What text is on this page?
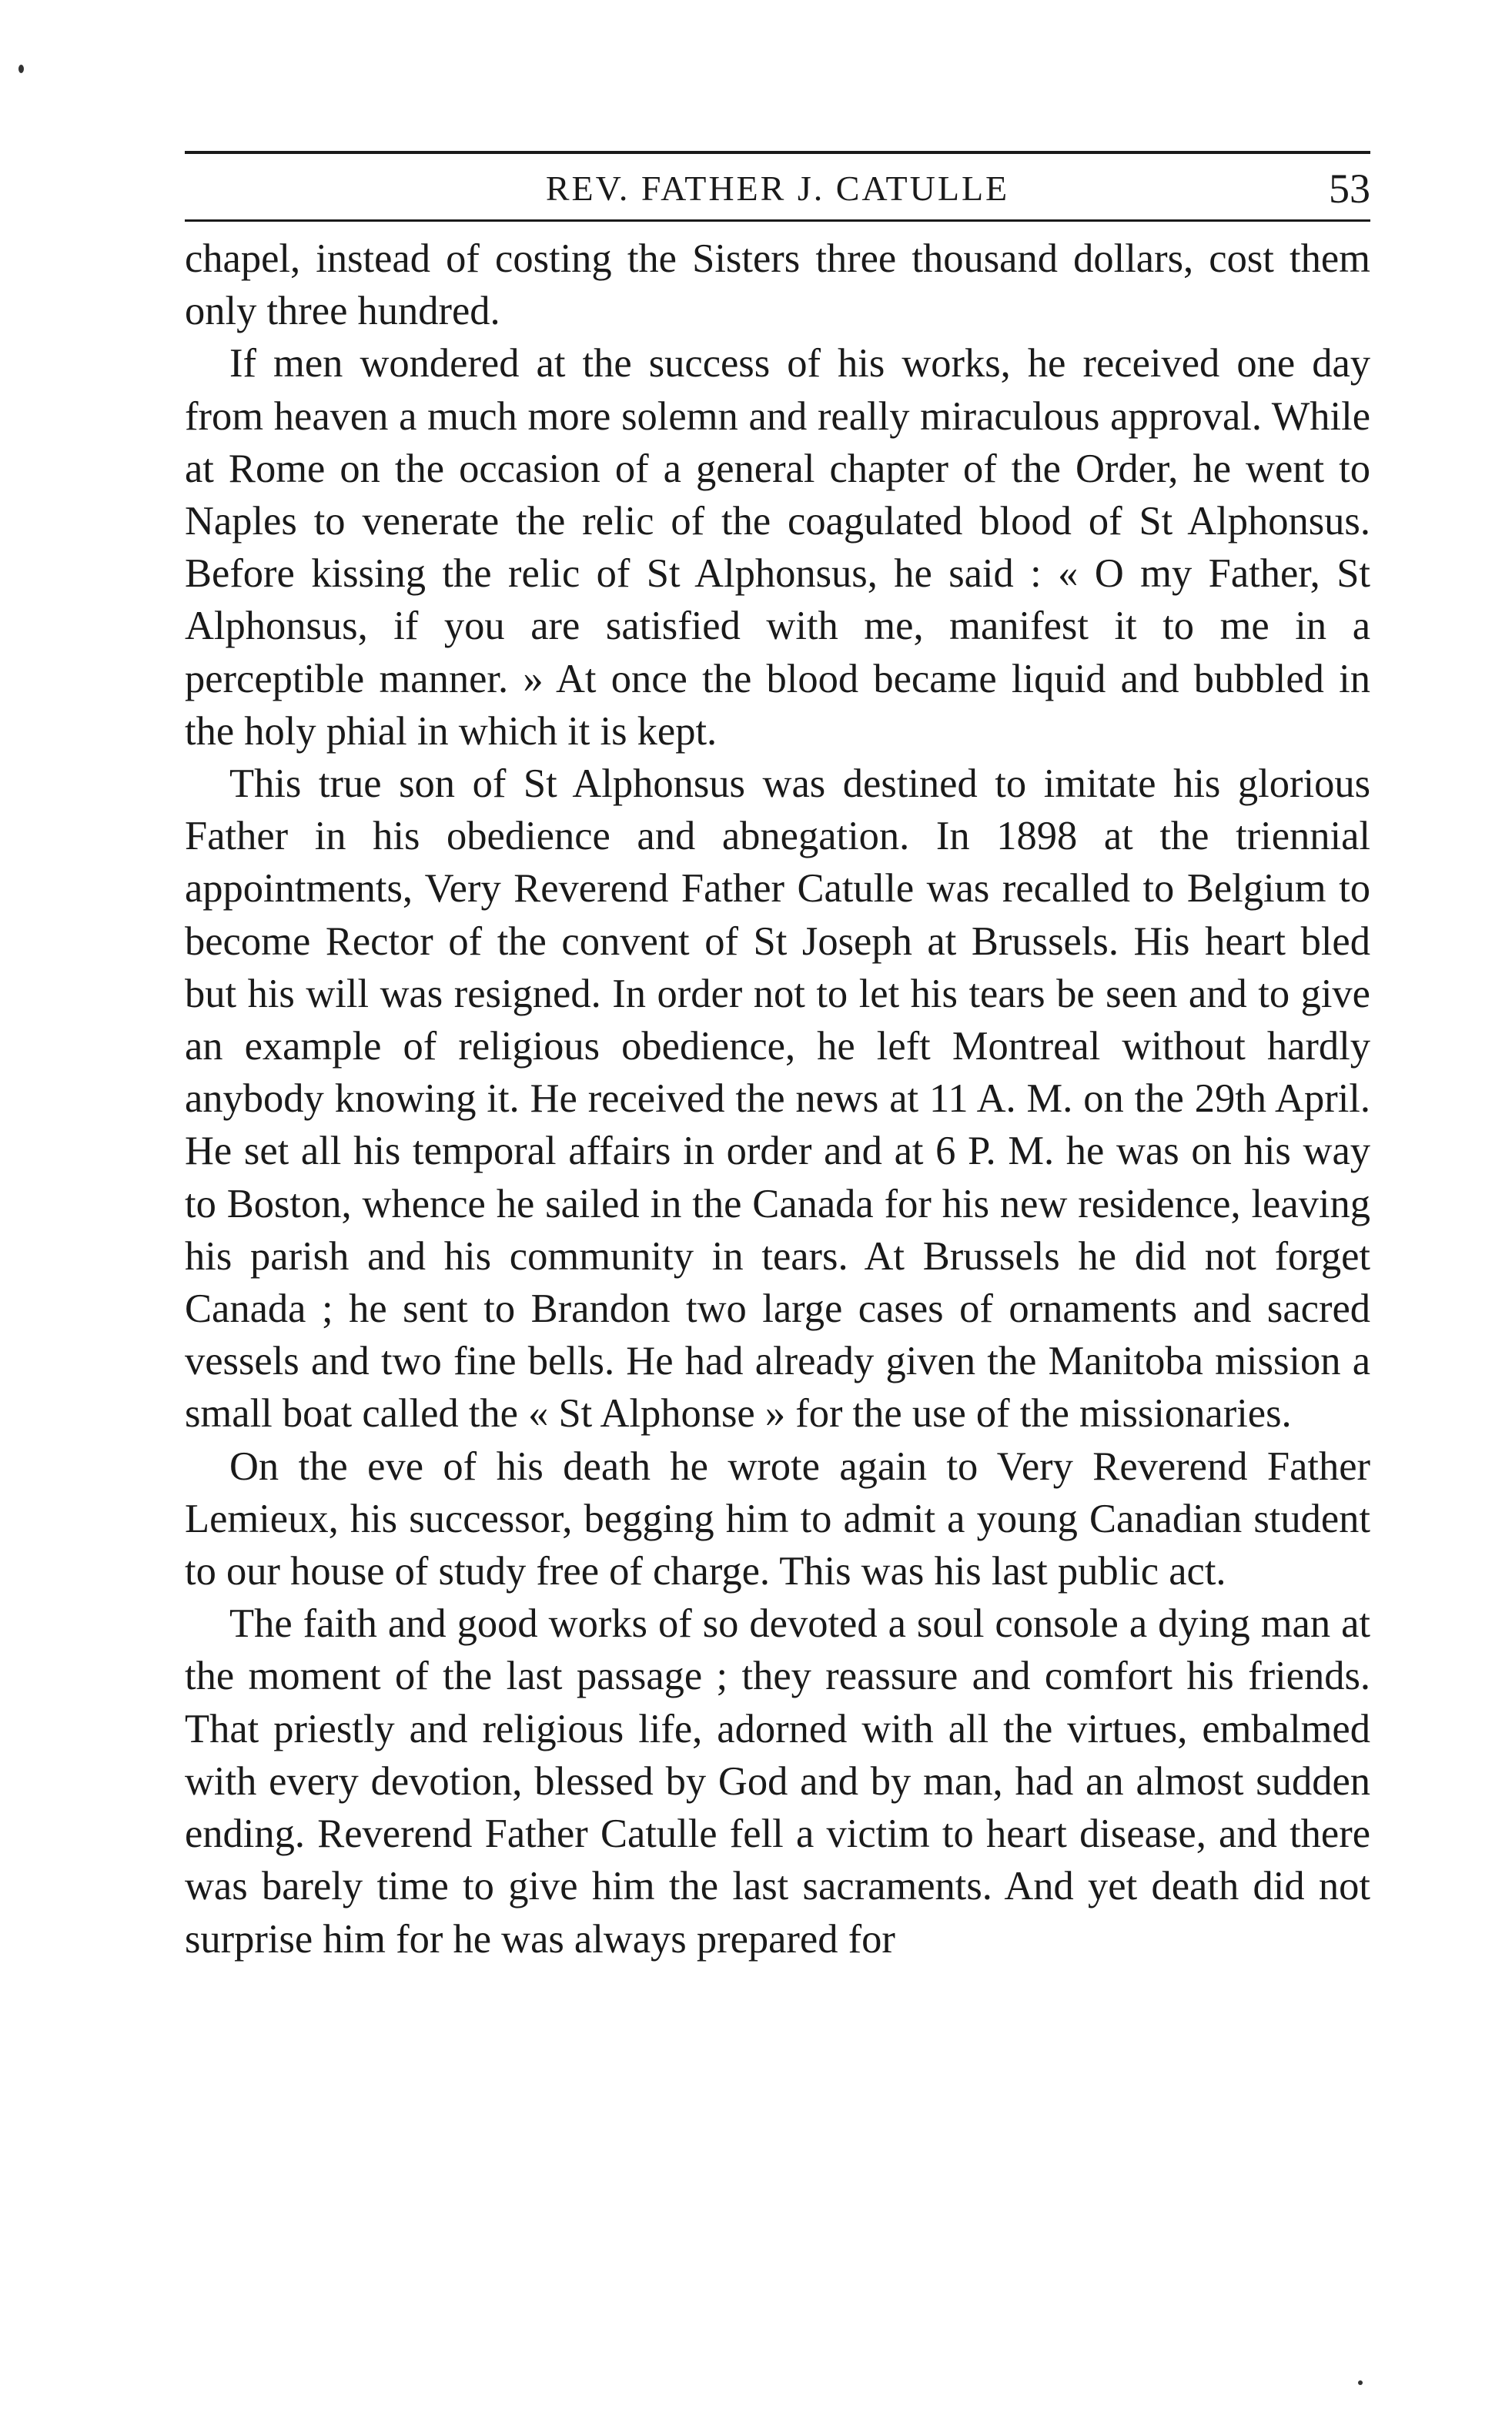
REV. FATHER J. CATULLE	53

chapel, instead of costing the Sisters three thousand dollars, cost them only three hundred.

If men wondered at the success of his works, he received one day from heaven a much more solemn and really miraculous approval. While at Rome on the occasion of a general chapter of the Order, he went to Naples to venerate the relic of the coagulated blood of St Alphonsus. Before kissing the relic of St Alphonsus, he said : « O my Father, St Alphonsus, if you are satisfied with me, manifest it to me in a perceptible manner. » At once the blood became liquid and bubbled in the holy phial in which it is kept.

This true son of St Alphonsus was destined to imitate his glorious Father in his obedience and abnegation. In 1898 at the triennial appointments, Very Reverend Father Catulle was recalled to Belgium to become Rector of the convent of St Joseph at Brussels. His heart bled but his will was resigned. In order not to let his tears be seen and to give an example of religious obedience, he left Montreal without hardly anybody knowing it. He received the news at 11 A. M. on the 29th April. He set all his temporal affairs in order and at 6 P. M. he was on his way to Boston, whence he sailed in the Canada for his new residence, leaving his parish and his community in tears. At Brussels he did not forget Canada ; he sent to Brandon two large cases of ornaments and sacred vessels and two fine bells. He had already given the Manitoba mission a small boat called the « St Alphonse » for the use of the missionaries.

On the eve of his death he wrote again to Very Reverend Father Lemieux, his successor, begging him to admit a young Canadian student to our house of study free of charge. This was his last public act.

The faith and good works of so devoted a soul console a dying man at the moment of the last passage ; they reassure and comfort his friends. That priestly and religious life, adorned with all the virtues, embalmed with every devotion, blessed by God and by man, had an almost sudden ending. Reverend Father Catulle fell a victim to heart disease, and there was barely time to give him the last sacraments. And yet death did not surprise him for he was always prepared for
